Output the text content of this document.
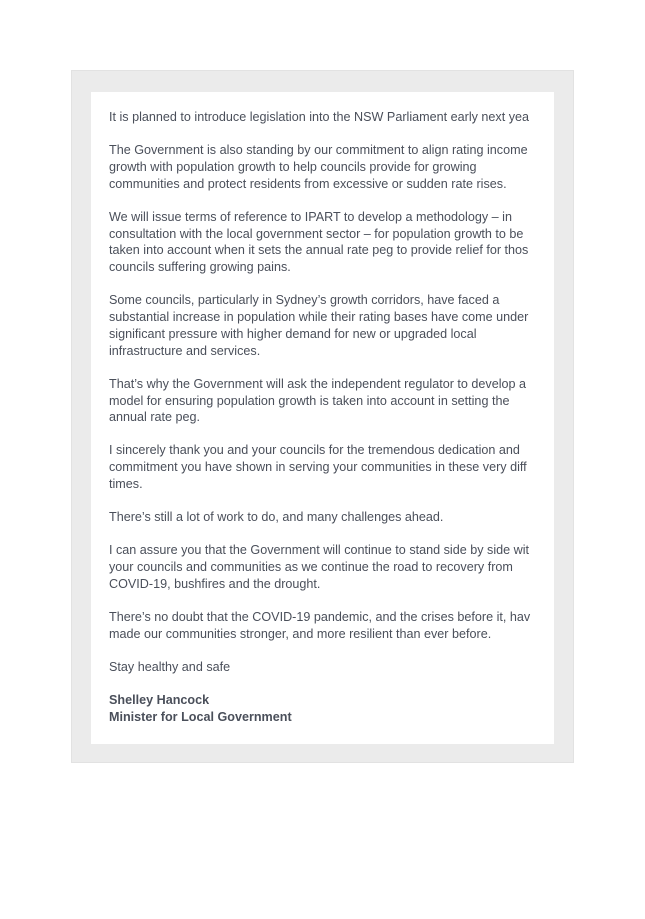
It is planned to introduce legislation into the NSW Parliament early next yea

The Government is also standing by our commitment to align rating income
growth with population growth to help councils provide for growing
communities and protect residents from excessive or sudden rate rises.

We will issue terms of reference to IPART to develop a methodology – in
consultation with the local government sector – for population growth to be
taken into account when it sets the annual rate peg to provide relief for thos
councils suffering growing pains.

Some councils, particularly in Sydney’s growth corridors, have faced a
substantial increase in population while their rating bases have come under
significant pressure with higher demand for new or upgraded local
infrastructure and services.

That’s why the Government will ask the independent regulator to develop a
model for ensuring population growth is taken into account in setting the
annual rate peg.

I sincerely thank you and your councils for the tremendous dedication and
commitment you have shown in serving your communities in these very diff
times.

There’s still a lot of work to do, and many challenges ahead.

I can assure you that the Government will continue to stand side by side wit
your councils and communities as we continue the road to recovery from
COVID-19, bushfires and the drought.

There’s no doubt that the COVID-19 pandemic, and the crises before it, hav
made our communities stronger, and more resilient than ever before.

Stay healthy and safe

Shelley Hancock
Minister for Local Government
